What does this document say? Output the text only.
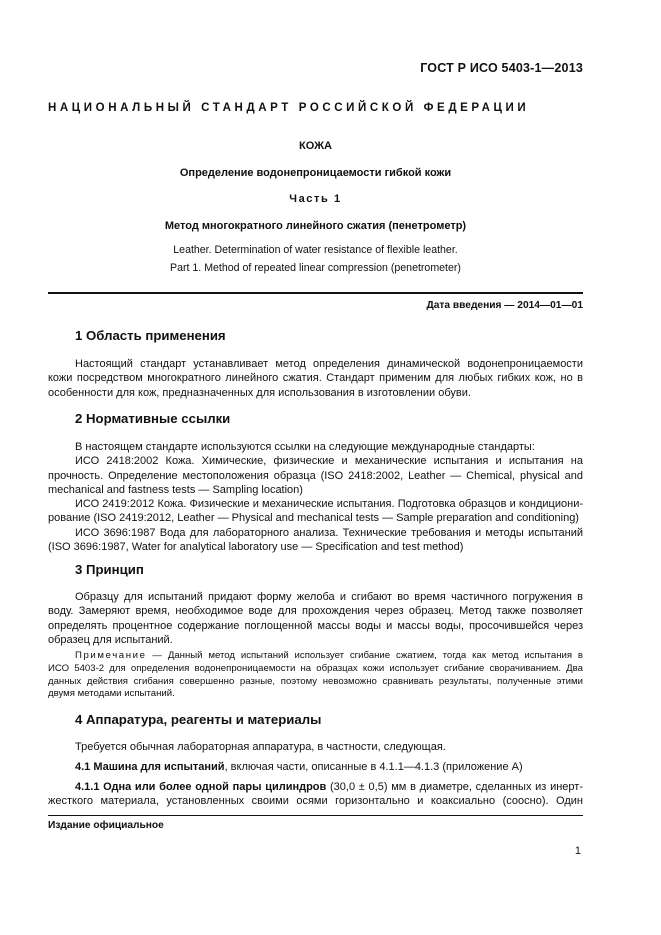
ГОСТ Р ИСО 5403-1—2013
НАЦИОНАЛЬНЫЙ СТАНДАРТ РОССИЙСКОЙ ФЕДЕРАЦИИ
КОЖА
Определение водонепроницаемости гибкой кожи
Часть 1
Метод многократного линейного сжатия (пенетрометр)
Leather. Determination of water resistance of flexible leather.
Part 1. Method of repeated linear compression (penetrometer)
Дата введения — 2014—01—01
1 Область применения
Настоящий стандарт устанавливает метод определения динамической водонепроницаемости
кожи посредством многократного линейного сжатия. Стандарт применим для любых гибких кож, но в
особенности для кож, предназначенных для использования в изготовлении обуви.
2 Нормативные ссылки
В настоящем стандарте используются ссылки на следующие международные стандарты:
ИСО 2418:2002 Кожа. Химические, физические и механические испытания и испытания на
прочность. Определение местоположения образца (ISO 2418:2002, Leather — Chemical, physical and
mechanical and fastness tests — Sampling location)
ИСО 2419:2012 Кожа. Физические и механические испытания. Подготовка образцов и кондициони-
рование (ISO 2419:2012, Leather — Physical and mechanical tests — Sample preparation and conditioning)
ИСО 3696:1987 Вода для лабораторного анализа. Технические требования и методы испытаний
(ISO 3696:1987, Water for analytical laboratory use — Specification and test method)
3 Принцип
Образцу для испытаний придают форму желоба и сгибают во время частичного погружения в
воду. Замеряют время, необходимое воде для прохождения через образец. Метод также позволяет
определять процентное содержание поглощенной массы воды и массы воды, просочившейся через
образец для испытаний.
Примечание — Данный метод испытаний использует сгибание сжатием, тогда как метод испытания в
ИСО 5403-2 для определения водонепроницаемости на образцах кожи использует сгибание сворачиванием. Два
данных действия сгибания совершенно разные, поэтому невозможно сравнивать результаты, полученные этими
двумя методами испытаний.
4 Аппаратура, реагенты и материалы
Требуется обычная лабораторная аппаратура, в частности, следующая.
4.1 Машина для испытаний, включая части, описанные в 4.1.1—4.1.3 (приложение А)
4.1.1 Одна или более одной пары цилиндров (30,0 ± 0,5) мм в диаметре, сделанных из инерт-
жесткого материала, установленных своими осями горизонтально и коаксиально (соосно). Один
Издание официальное
1
